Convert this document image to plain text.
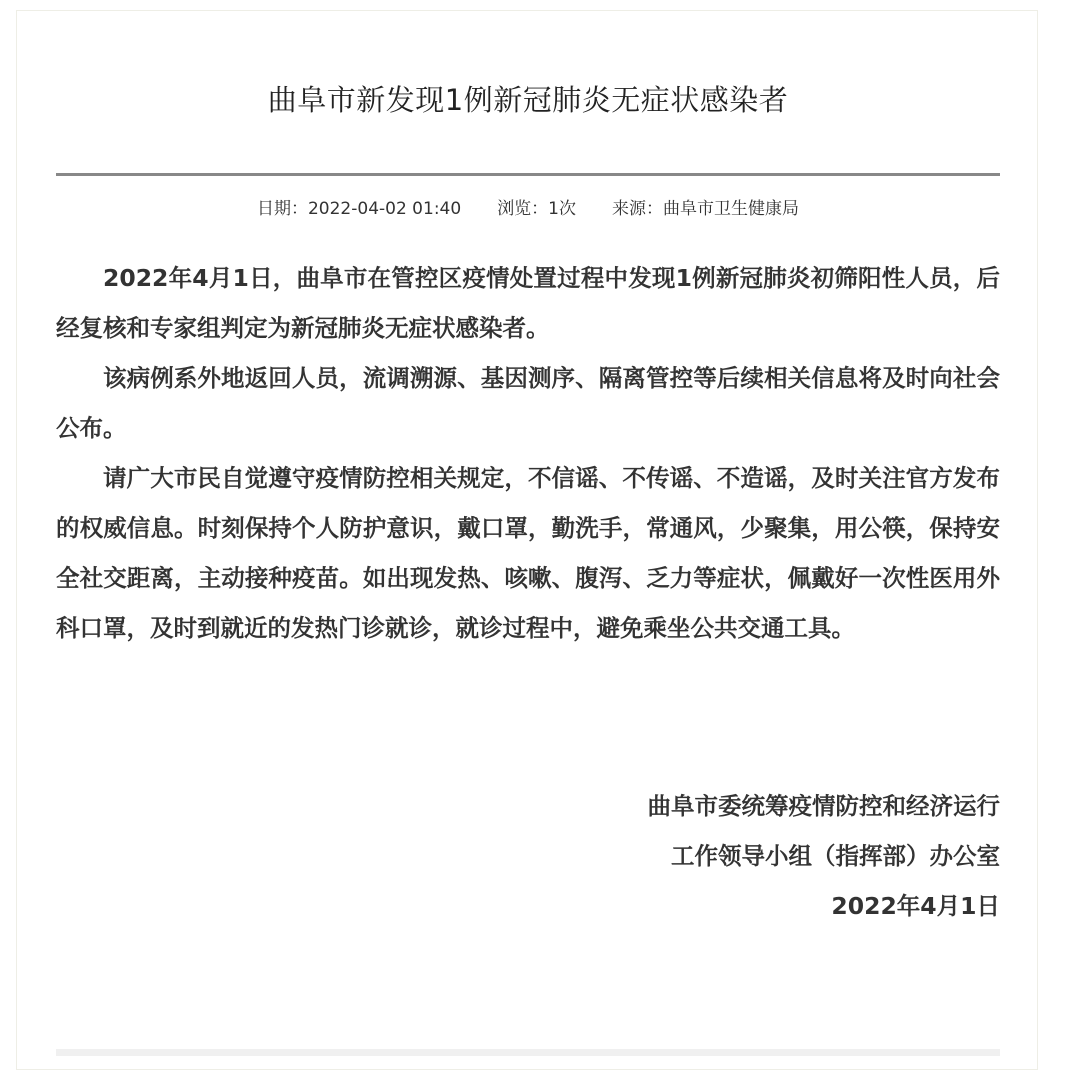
曲阜市新发现1例新冠肺炎无症状感染者
日期：2022-04-02 01:40 浏览：1次 来源：曲阜市卫生健康局

2022年4月1日，曲阜市在管控区疫情处置过程中发现1例新冠肺炎初筛阳性人员，后经复核和专家组判定为新冠肺炎无症状感染者。

该病例系外地返回人员，流调溯源、基因测序、隔离管控等后续相关信息将及时向社会公布。

请广大市民自觉遵守疫情防控相关规定，不信谣、不传谣、不造谣，及时关注官方发布的权威信息。时刻保持个人防护意识，戴口罩，勤洗手，常通风，少聚集，用公筷，保持安全社交距离，主动接种疫苗。如出现发热、咳嗽、腹泻、乏力等症状，佩戴好一次性医用外科口罩，及时到就近的发热门诊就诊，就诊过程中，避免乘坐公共交通工具。

曲阜市委统筹疫情防控和经济运行
工作领导小组（指挥部）办公室
2022年4月1日
